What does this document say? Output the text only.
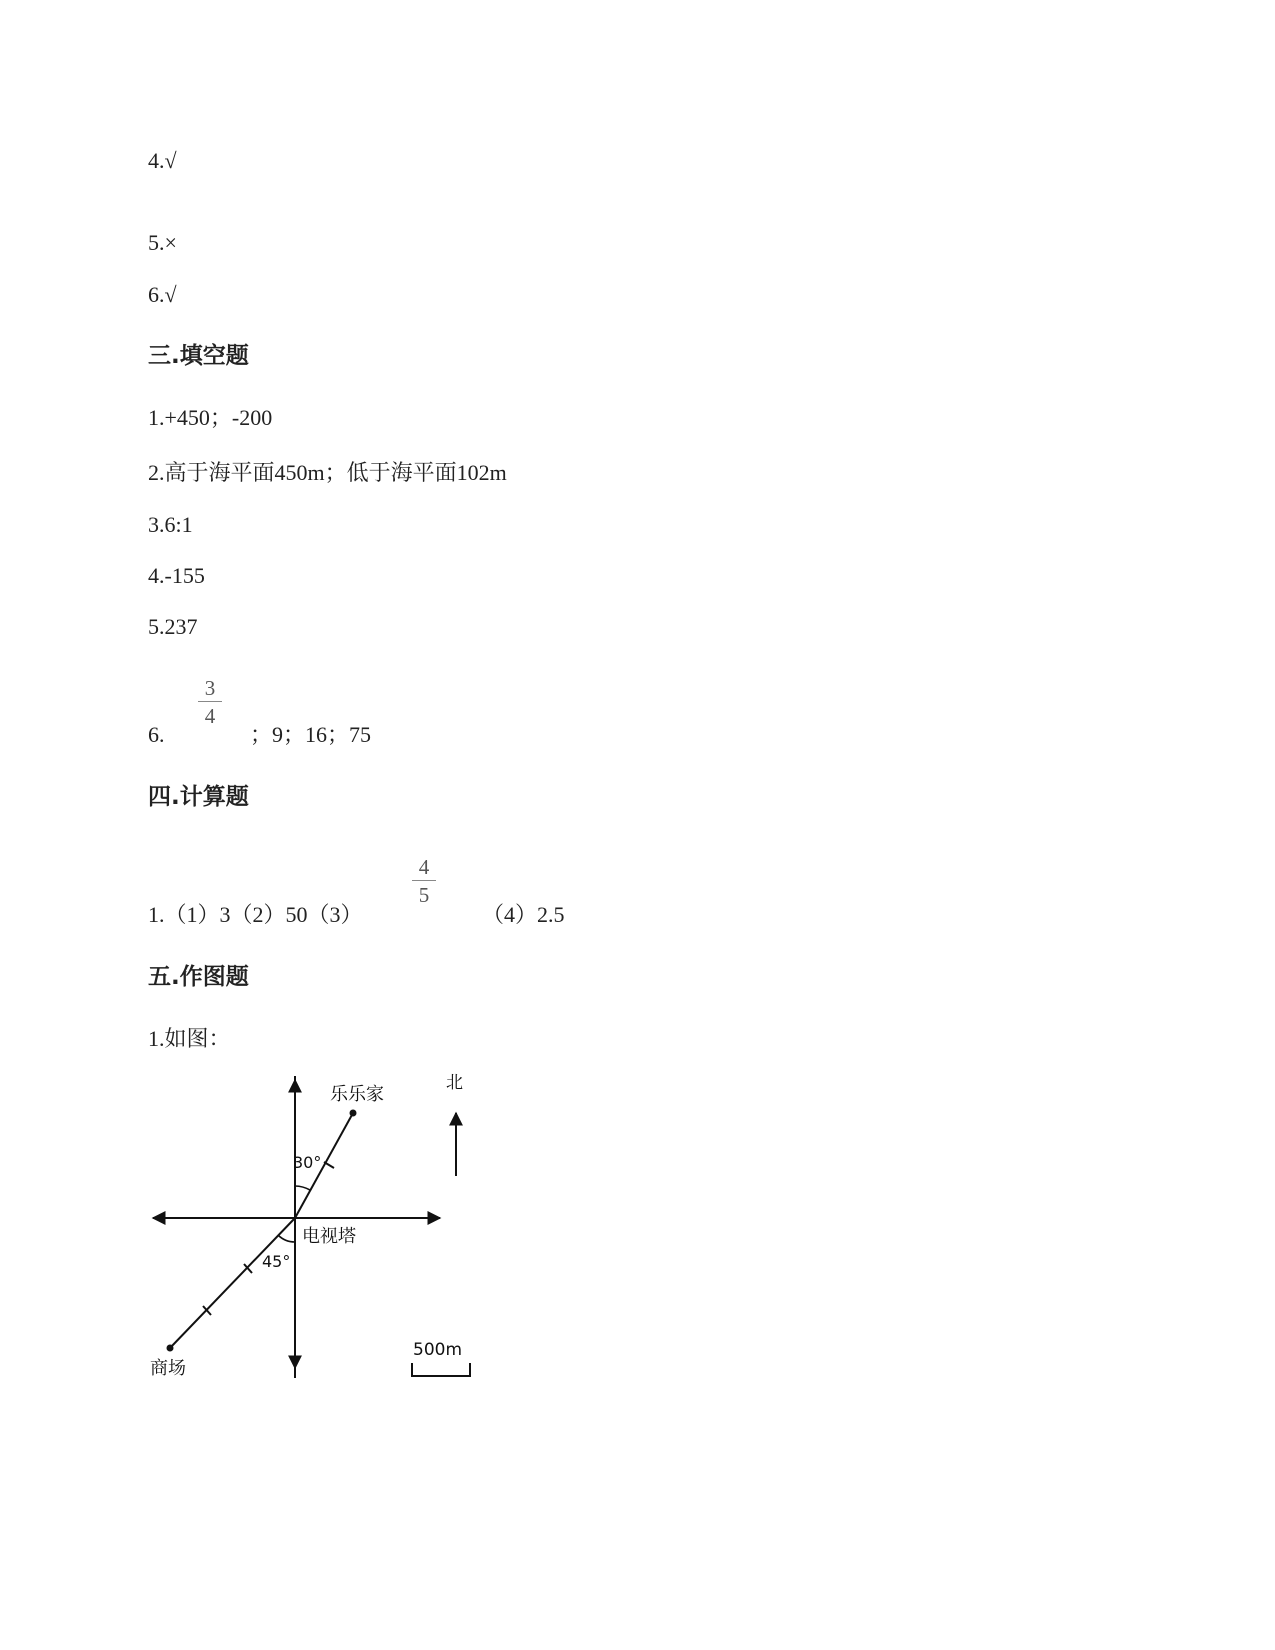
4.√
5.×
6.√
三.填空题
1.+450；-200
2.高于海平面450m；低于海平面102m
3.6:1
4.-155
5.237
6.
3
4
；9；16；75
四.计算题
1.（1）3（2）50（3）
4
5
（4）2.5
五.作图题
1.如图：
乐乐家
电视塔
商场
北
30°
45°
500m
